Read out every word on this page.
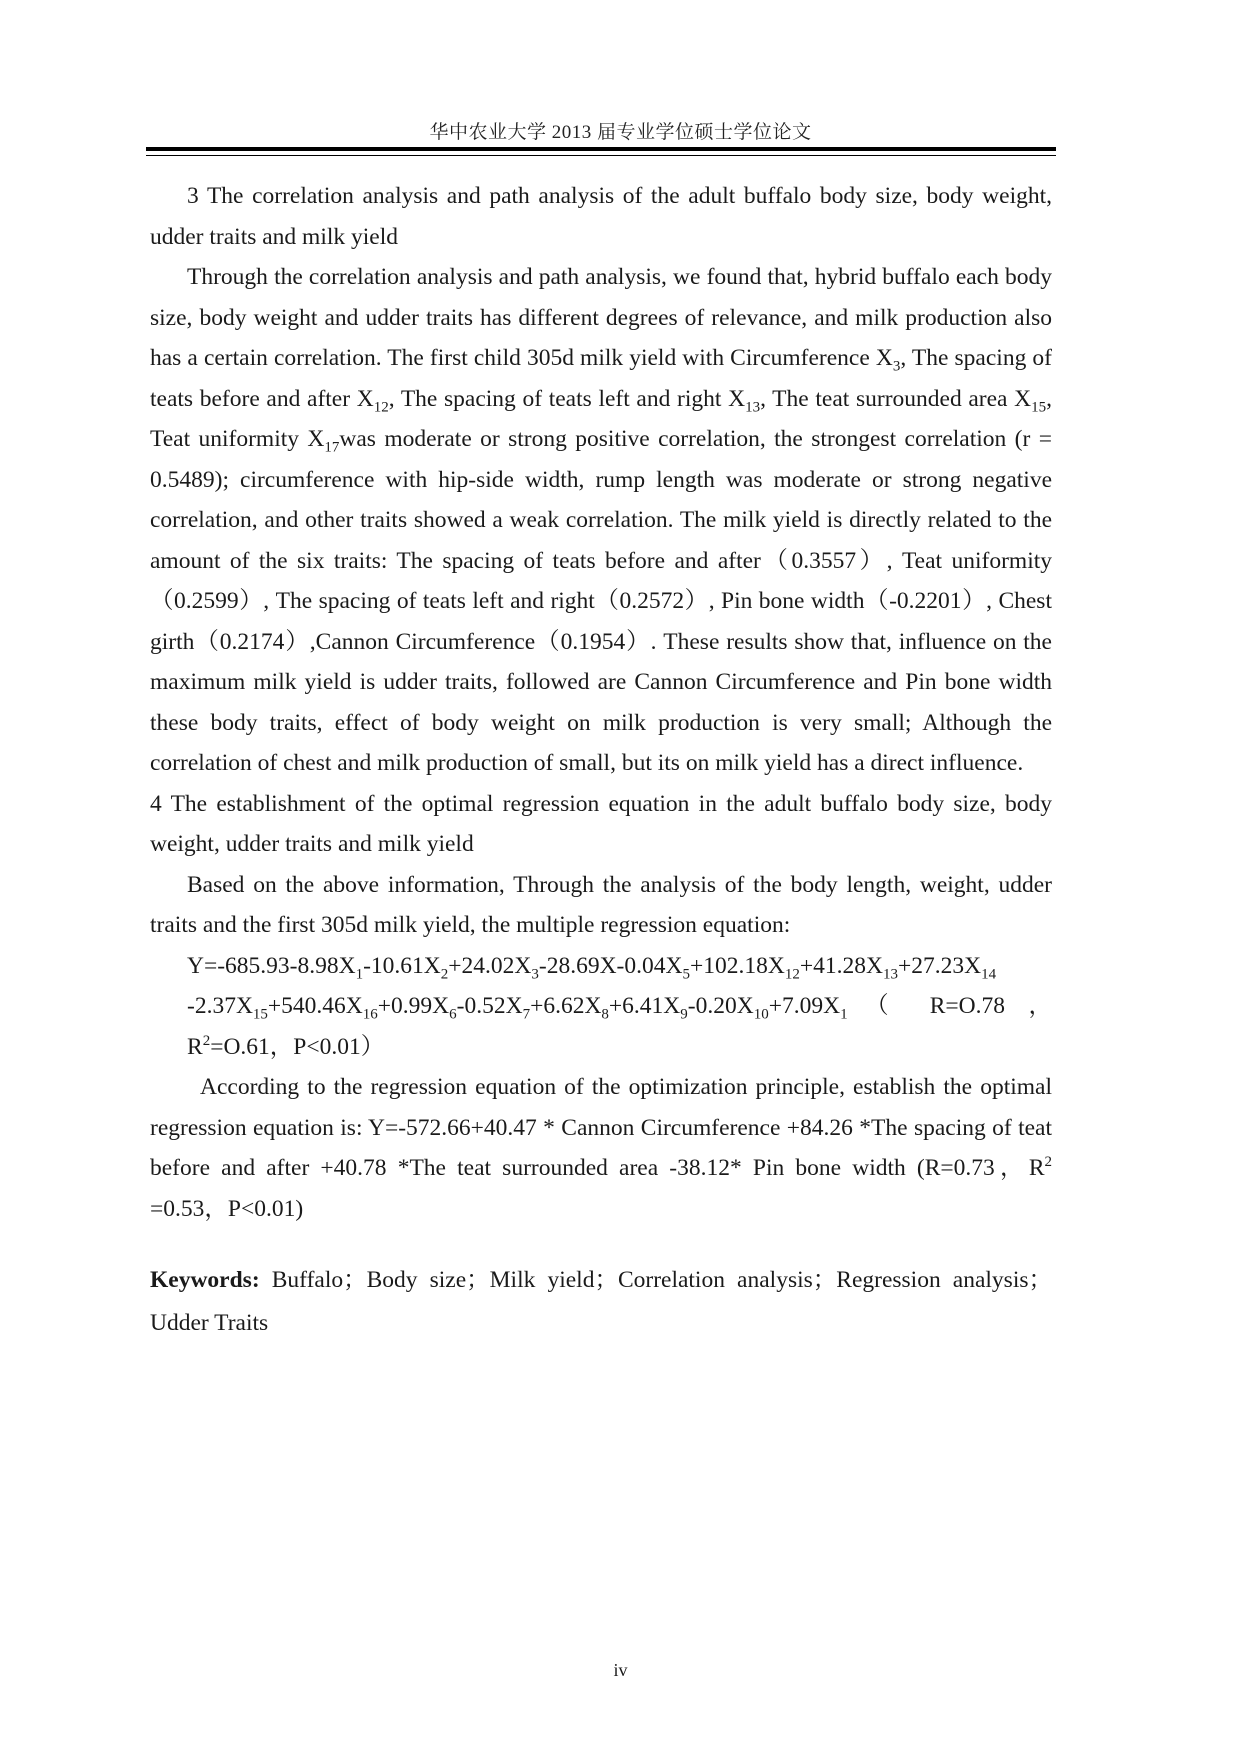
华中农业大学 2013 届专业学位硕士学位论文

3 The correlation analysis and path analysis of the adult buffalo body size, body weight, udder traits and milk yield

Through the correlation analysis and path analysis, we found that, hybrid buffalo each body size, body weight and udder traits has different degrees of relevance, and milk production also has a certain correlation. The first child 305d milk yield with Circumference $X_3$, The spacing of teats before and after $X_{12}$, The spacing of teats left and right $X_{13}$, The teat surrounded area $X_{15}$, Teat uniformity $X_{17}was$ moderate or strong positive correlation, the strongest correlation (r = 0.5489); circumference with hip-side width, rump length was moderate or strong negative correlation, and other traits showed a weak correlation. The milk yield is directly related to the amount of the six traits: The spacing of teats before and after（0.3557）, Teat uniformity（0.2599）, The spacing of teats left and right（0.2572）, Pin bone width（-0.2201）, Chest girth（0.2174）,Cannon Circumference（0.1954）. These results show that, influence on the maximum milk yield is udder traits, followed are Cannon Circumference and Pin bone width these body traits, effect of body weight on milk production is very small; Although the correlation of chest and milk production of small, but its on milk yield has a direct influence.

4 The establishment of the optimal regression equation in the adult buffalo body size, body weight, udder traits and milk yield

Based on the above information, Through the analysis of the body length, weight, udder traits and the first 305d milk yield, the multiple regression equation:

$Y=-685.93-8.98X_1-10.61X_2+24.02X_3-28.69X-0.04X_5+102.18X_{12}+41.28X_{13}+27.23X_{14}$ $-2.37X_{15}+540.46X_{16}+0.99X_6-0.52X_7+6.62X_8+6.41X_9-0.20X_{10}+7.09X_1$（ R=O.78 ， $R^2=O.61$，P<0.01）

According to the regression equation of the optimization principle, establish the optimal regression equation is: Y=-572.66+40.47 * Cannon Circumference +84.26 *The spacing of teat before and after +40.78 *The teat surrounded area -38.12* Pin bone width (R=0.73，$R^2 =0.53$，P<0.01)

Keywords: Buffalo；Body size；Milk yield；Correlation analysis；Regression analysis；Udder Traits

iv
